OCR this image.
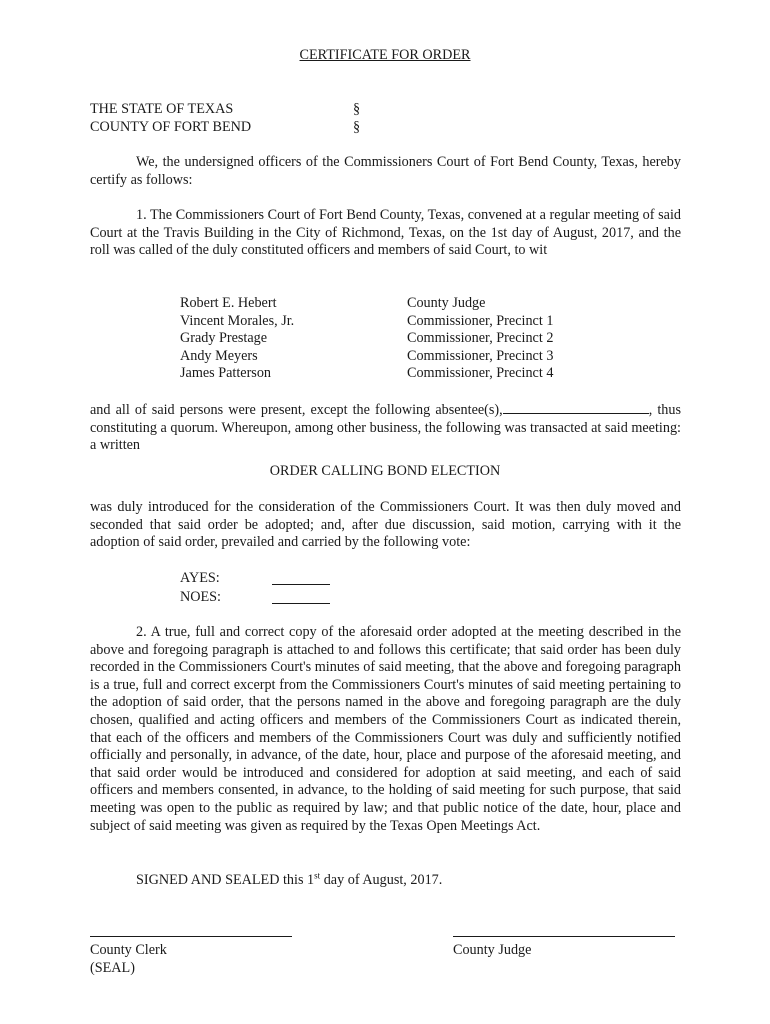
CERTIFICATE FOR ORDER
THE STATE OF TEXAS	§
COUNTY OF FORT BEND	§

We, the undersigned officers of the Commissioners Court of Fort Bend County, Texas, hereby certify as follows:

1. The Commissioners Court of Fort Bend County, Texas, convened at a regular meeting of said Court at the Travis Building in the City of Richmond, Texas, on the 1st day of August, 2017, and the roll was called of the duly constituted officers and members of said Court, to wit

Robert E. Hebert	County Judge
Vincent Morales, Jr.	Commissioner, Precinct 1
Grady Prestage	Commissioner, Precinct 2
Andy Meyers	Commissioner, Precinct 3
James Patterson	Commissioner, Precinct 4

and all of said persons were present, except the following absentee(s),	, thus constituting a quorum. Whereupon, among other business, the following was transacted at said meeting: a written

ORDER CALLING BOND ELECTION

was duly introduced for the consideration of the Commissioners Court. It was then duly moved and seconded that said order be adopted; and, after due discussion, said motion, carrying with it the adoption of said order, prevailed and carried by the following vote:

AYES:
NOES:

2. A true, full and correct copy of the aforesaid order adopted at the meeting described in the above and foregoing paragraph is attached to and follows this certificate; that said order has been duly recorded in the Commissioners Court's minutes of said meeting, that the above and foregoing paragraph is a true, full and correct excerpt from the Commissioners Court's minutes of said meeting pertaining to the adoption of said order, that the persons named in the above and foregoing paragraph are the duly chosen, qualified and acting officers and members of the Commissioners Court as indicated therein, that each of the officers and members of the Commissioners Court was duly and sufficiently notified officially and personally, in advance, of the date, hour, place and purpose of the aforesaid meeting, and that said order would be introduced and considered for adoption at said meeting, and each of said officers and members consented, in advance, to the holding of said meeting for such purpose, that said meeting was open to the public as required by law; and that public notice of the date, hour, place and subject of said meeting was given as required by the Texas Open Meetings Act.

SIGNED AND SEALED this 1st day of August, 2017.
County Clerk
(SEAL)
County Judge
